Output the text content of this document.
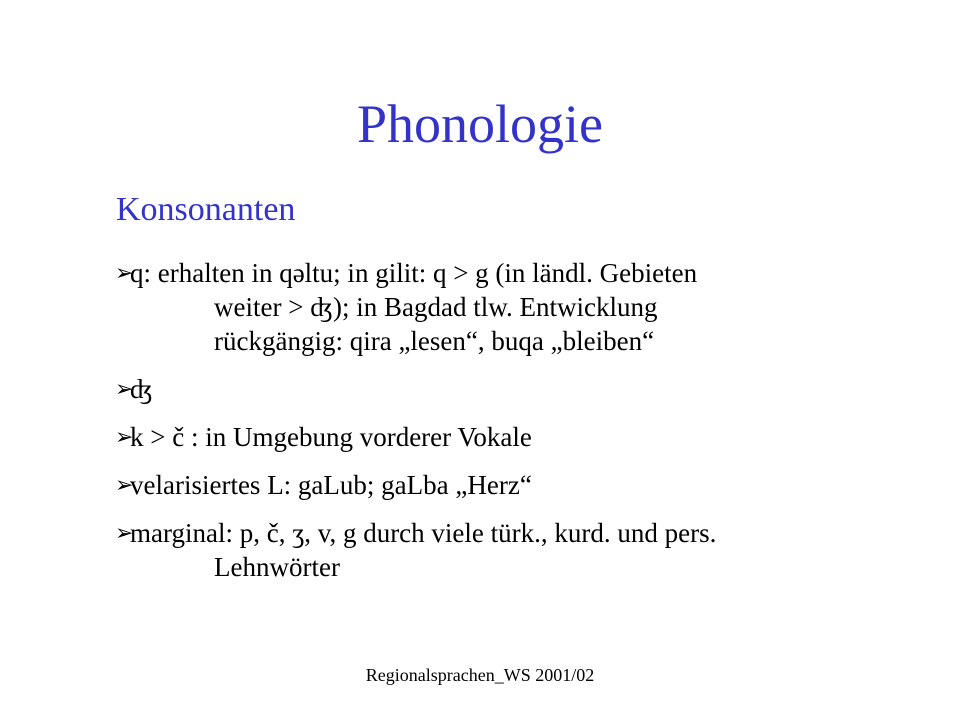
Phonologie
Konsonanten
➢
q: erhalten in qəltu; in gilit: q > g (in ländl. Gebieten
weiter > ʤ); in Bagdad tlw. Entwicklung
rückgängig: qira „lesen“, buqa „bleiben“
➢
ʤ
➢
k > č : in Umgebung vorderer Vokale
➢
velarisiertes L: gaLub; gaLba „Herz“
➢
marginal: p, č, ʒ, v, g durch viele türk., kurd. und pers.
Lehnwörter
Regionalsprachen_WS 2001/02
